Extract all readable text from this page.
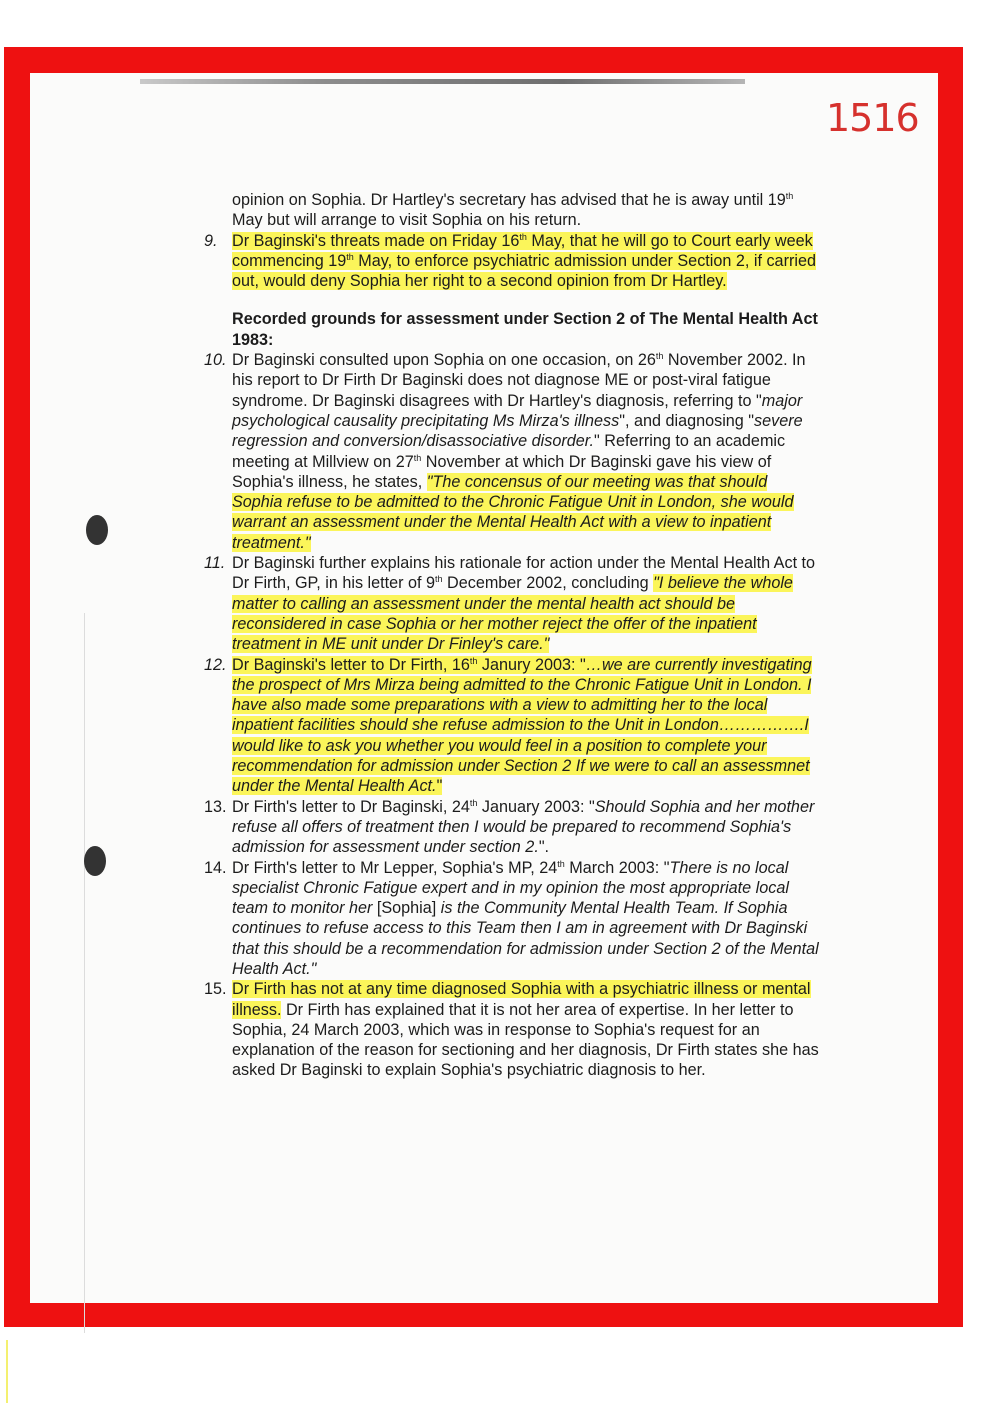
1516

opinion on Sophia. Dr Hartley's secretary has advised that he is away until 19th May but will arrange to visit Sophia on his return.

9. Dr Baginski's threats made on Friday 16th May, that he will go to Court early week commencing 19th May, to enforce psychiatric admission under Section 2, if carried out, would deny Sophia her right to a second opinion from Dr Hartley.

Recorded grounds for assessment under Section 2 of The Mental Health Act 1983:

10. Dr Baginski consulted upon Sophia on one occasion, on 26th November 2002. In his report to Dr Firth Dr Baginski does not diagnose ME or post-viral fatigue syndrome. Dr Baginski disagrees with Dr Hartley's diagnosis, referring to "major psychological causality precipitating Ms Mirza's illness", and diagnosing "severe regression and conversion/disassociative disorder." Referring to an academic meeting at Millview on 27th November at which Dr Baginski gave his view of Sophia's illness, he states, "The concensus of our meeting was that should Sophia refuse to be admitted to the Chronic Fatigue Unit in London, she would warrant an assessment under the Mental Health Act with a view to inpatient treatment."

11. Dr Baginski further explains his rationale for action under the Mental Health Act to Dr Firth, GP, in his letter of 9th December 2002, concluding "I believe the whole matter to calling an assessment under the mental health act should be reconsidered in case Sophia or her mother reject the offer of the inpatient treatment in ME unit under Dr Finley's care."

12. Dr Baginski's letter to Dr Firth, 16th Janury 2003: "…we are currently investigating the prospect of Mrs Mirza being admitted to the Chronic Fatigue Unit in London. I have also made some preparations with a view to admitting her to the local inpatient facilities should she refuse admission to the Unit in London…………….I would like to ask you whether you would feel in a position to complete your recommendation for admission under Section 2 If we were to call an assessmnet under the Mental Health Act."

13. Dr Firth's letter to Dr Baginski, 24th January 2003: "Should Sophia and her mother refuse all offers of treatment then I would be prepared to recommend Sophia's admission for assessment under section 2.".

14. Dr Firth's letter to Mr Lepper, Sophia's MP, 24th March 2003: "There is no local specialist Chronic Fatigue expert and in my opinion the most appropriate local team to monitor her [Sophia] is the Community Mental Health Team. If Sophia continues to refuse access to this Team then I am in agreement with Dr Baginski that this should be a recommendation for admission under Section 2 of the Mental Health Act."

15. Dr Firth has not at any time diagnosed Sophia with a psychiatric illness or mental illness. Dr Firth has explained that it is not her area of expertise. In her letter to Sophia, 24 March 2003, which was in response to Sophia's request for an explanation of the reason for sectioning and her diagnosis, Dr Firth states she has asked Dr Baginski to explain Sophia's psychiatric diagnosis to her.
